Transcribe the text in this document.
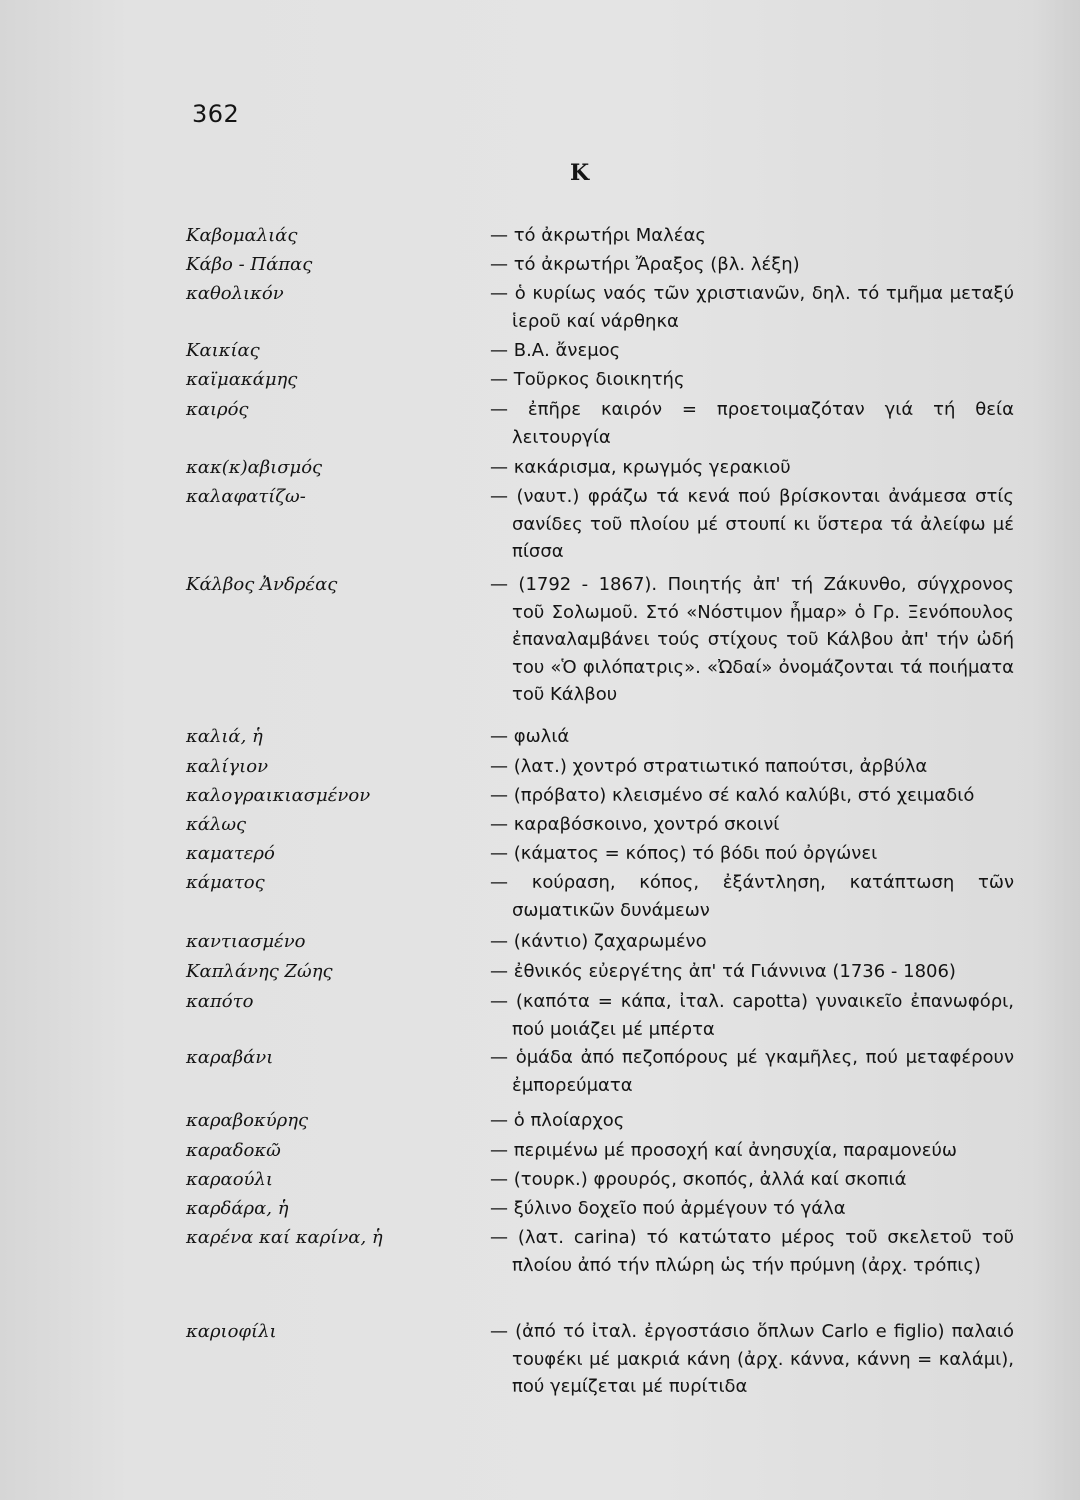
362
Κ
Καβομαλιάς	— τό ἀκρωτήρι Μαλέας
Κάβο - Πάπας	— τό ἀκρωτήρι Ἄραξος (βλ. λέξη)
καθολικόν	— ὁ κυρίως ναός τῶν χριστιανῶν, δηλ. τό τμῆμα μεταξύ ἱεροῦ καί νάρθηκα
Καικίας	— Β.Α. ἄνεμος
καϊμακάμης	— Τοῦρκος διοικητής
καιρός	— ἐπῆρε καιρόν = προετοιμαζόταν γιά τή θεία λειτουργία
κακ(κ)αβισμός	— κακάρισμα, κρωγμός γερακιοῦ
καλαφατίζω-	— (ναυτ.) φράζω τά κενά πού βρίσκονται ἀνάμεσα στίς σανίδες τοῦ πλοίου μέ στουπί κι ὕστερα τά ἀλείφω μέ πίσσα
Κάλβος Ἀνδρέας	— (1792 - 1867). Ποιητής ἀπ' τή Ζάκυνθο, σύγχρονος τοῦ Σολωμοῦ. Στό «Νόστιμον ἦμαρ» ὁ Γρ. Ξενόπουλος ἐπαναλαμβάνει τούς στίχους τοῦ Κάλβου ἀπ' τήν ὠδή του «Ὁ φιλόπατρις». «Ὠδαί» ὀνομάζονται τά ποιήματα τοῦ Κάλβου
καλιά, ἡ	— φωλιά
καλίγιον	— (λατ.) χοντρό στρατιωτικό παπούτσι, ἀρβύλα
καλογραικιασμένον	— (πρόβατο) κλεισμένο σέ καλό καλύβι, στό χειμαδιό
κάλως	— καραβόσκοινο, χοντρό σκοινί
καματερό	— (κάματος = κόπος) τό βόδι πού ὀργώνει
κάματος	— κούραση, κόπος, ἐξάντληση, κατάπτωση τῶν σωματικῶν δυνάμεων
καντιασμένο	— (κάντιο) ζαχαρωμένο
Καπλάνης Ζώης	— ἐθνικός εὐεργέτης ἀπ' τά Γιάννινα (1736 - 1806)
καπότο	— (καπότα = κάπα, ἰταλ. capotta) γυναικεῖο ἐπανωφόρι, πού μοιάζει μέ μπέρτα
καραβάνι	— ὁμάδα ἀπό πεζοπόρους μέ γκαμῆλες, πού μεταφέρουν ἐμπορεύματα
καραβοκύρης	— ὁ πλοίαρχος
καραδοκῶ	— περιμένω μέ προσοχή καί ἀνησυχία, παραμονεύω
καραούλι	— (τουρκ.) φρουρός, σκοπός, ἀλλά καί σκοπιά
καρδάρα, ἡ	— ξύλινο δοχεῖο πού ἀρμέγουν τό γάλα
καρένα καί καρίνα, ἡ	— (λατ. carina) τό κατώτατο μέρος τοῦ σκελετοῦ τοῦ πλοίου ἀπό τήν πλώρη ὡς τήν πρύμνη (ἀρχ. τρόπις)
καριοφίλι	— (ἀπό τό ἰταλ. ἐργοστάσιο ὅπλων Carlo e figlio) παλαιό τουφέκι μέ μακριά κάνη (ἀρχ. κάννα, κάννη = καλάμι), πού γεμίζεται μέ πυρίτιδα
